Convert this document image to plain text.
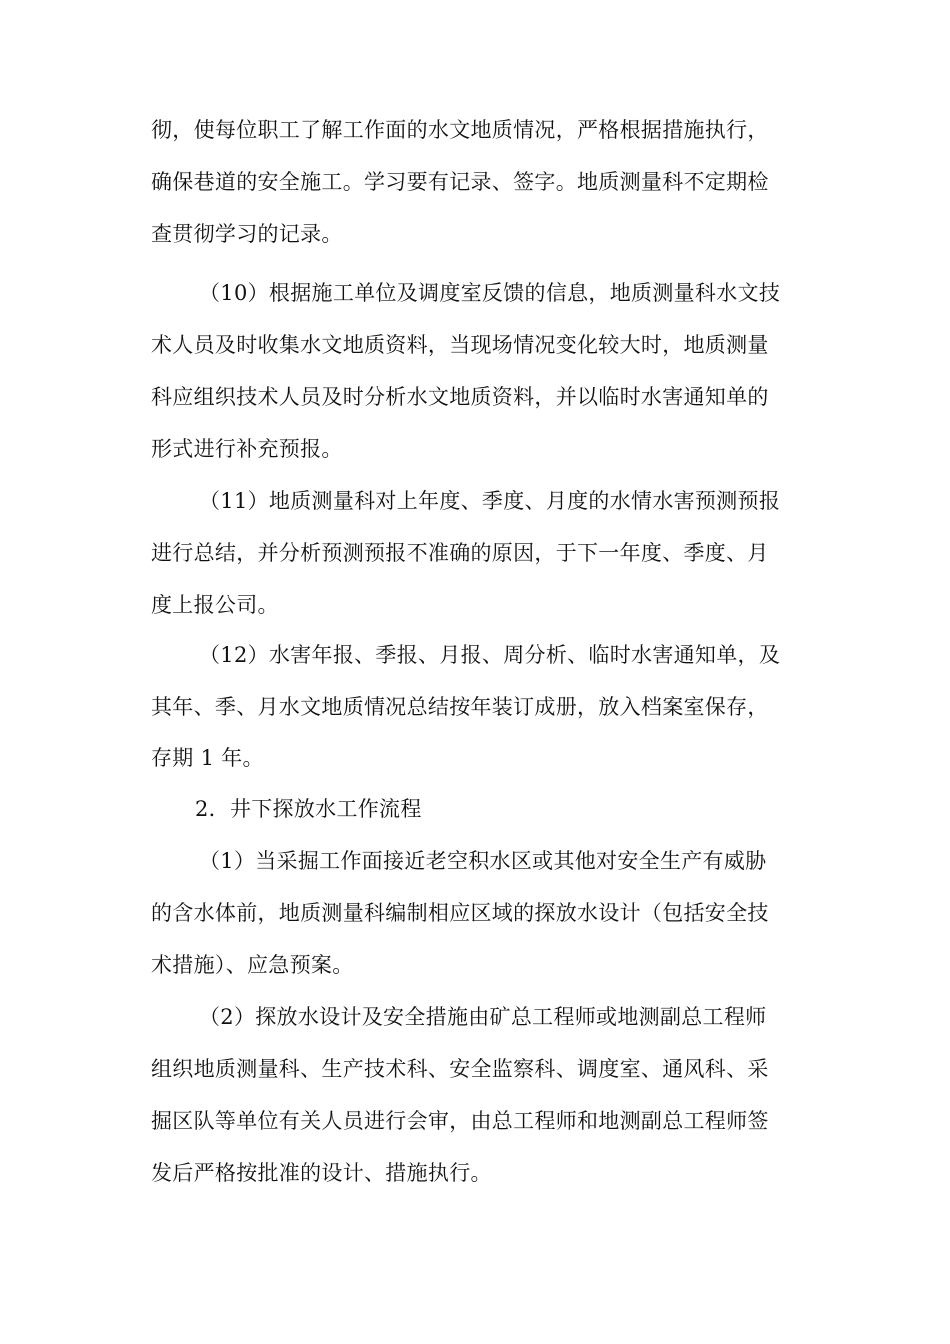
彻，使每位职工了解工作面的水文地质情况，严格根据措施执行，
确保巷道的安全施工。学习要有记录、签字。地质测量科不定期检
查贯彻学习的记录。
（10）根据施工单位及调度室反馈的信息，地质测量科水文技
术人员及时收集水文地质资料，当现场情况变化较大时，地质测量
科应组织技术人员及时分析水文地质资料，并以临时水害通知单的
形式进行补充预报。
（11）地质测量科对上年度、季度、月度的水情水害预测预报
进行总结，并分析预测预报不准确的原因，于下一年度、季度、月
度上报公司。
（12）水害年报、季报、月报、周分析、临时水害通知单，及
其年、季、月水文地质情况总结按年装订成册，放入档案室保存，
存期 1 年。
2．井下探放水工作流程
（1）当采掘工作面接近老空积水区或其他对安全生产有威胁
的含水体前，地质测量科编制相应区域的探放水设计（包括安全技
术措施）、应急预案。
（2）探放水设计及安全措施由矿总工程师或地测副总工程师
组织地质测量科、生产技术科、安全监察科、调度室、通风科、采
掘区队等单位有关人员进行会审，由总工程师和地测副总工程师签
发后严格按批准的设计、措施执行。
